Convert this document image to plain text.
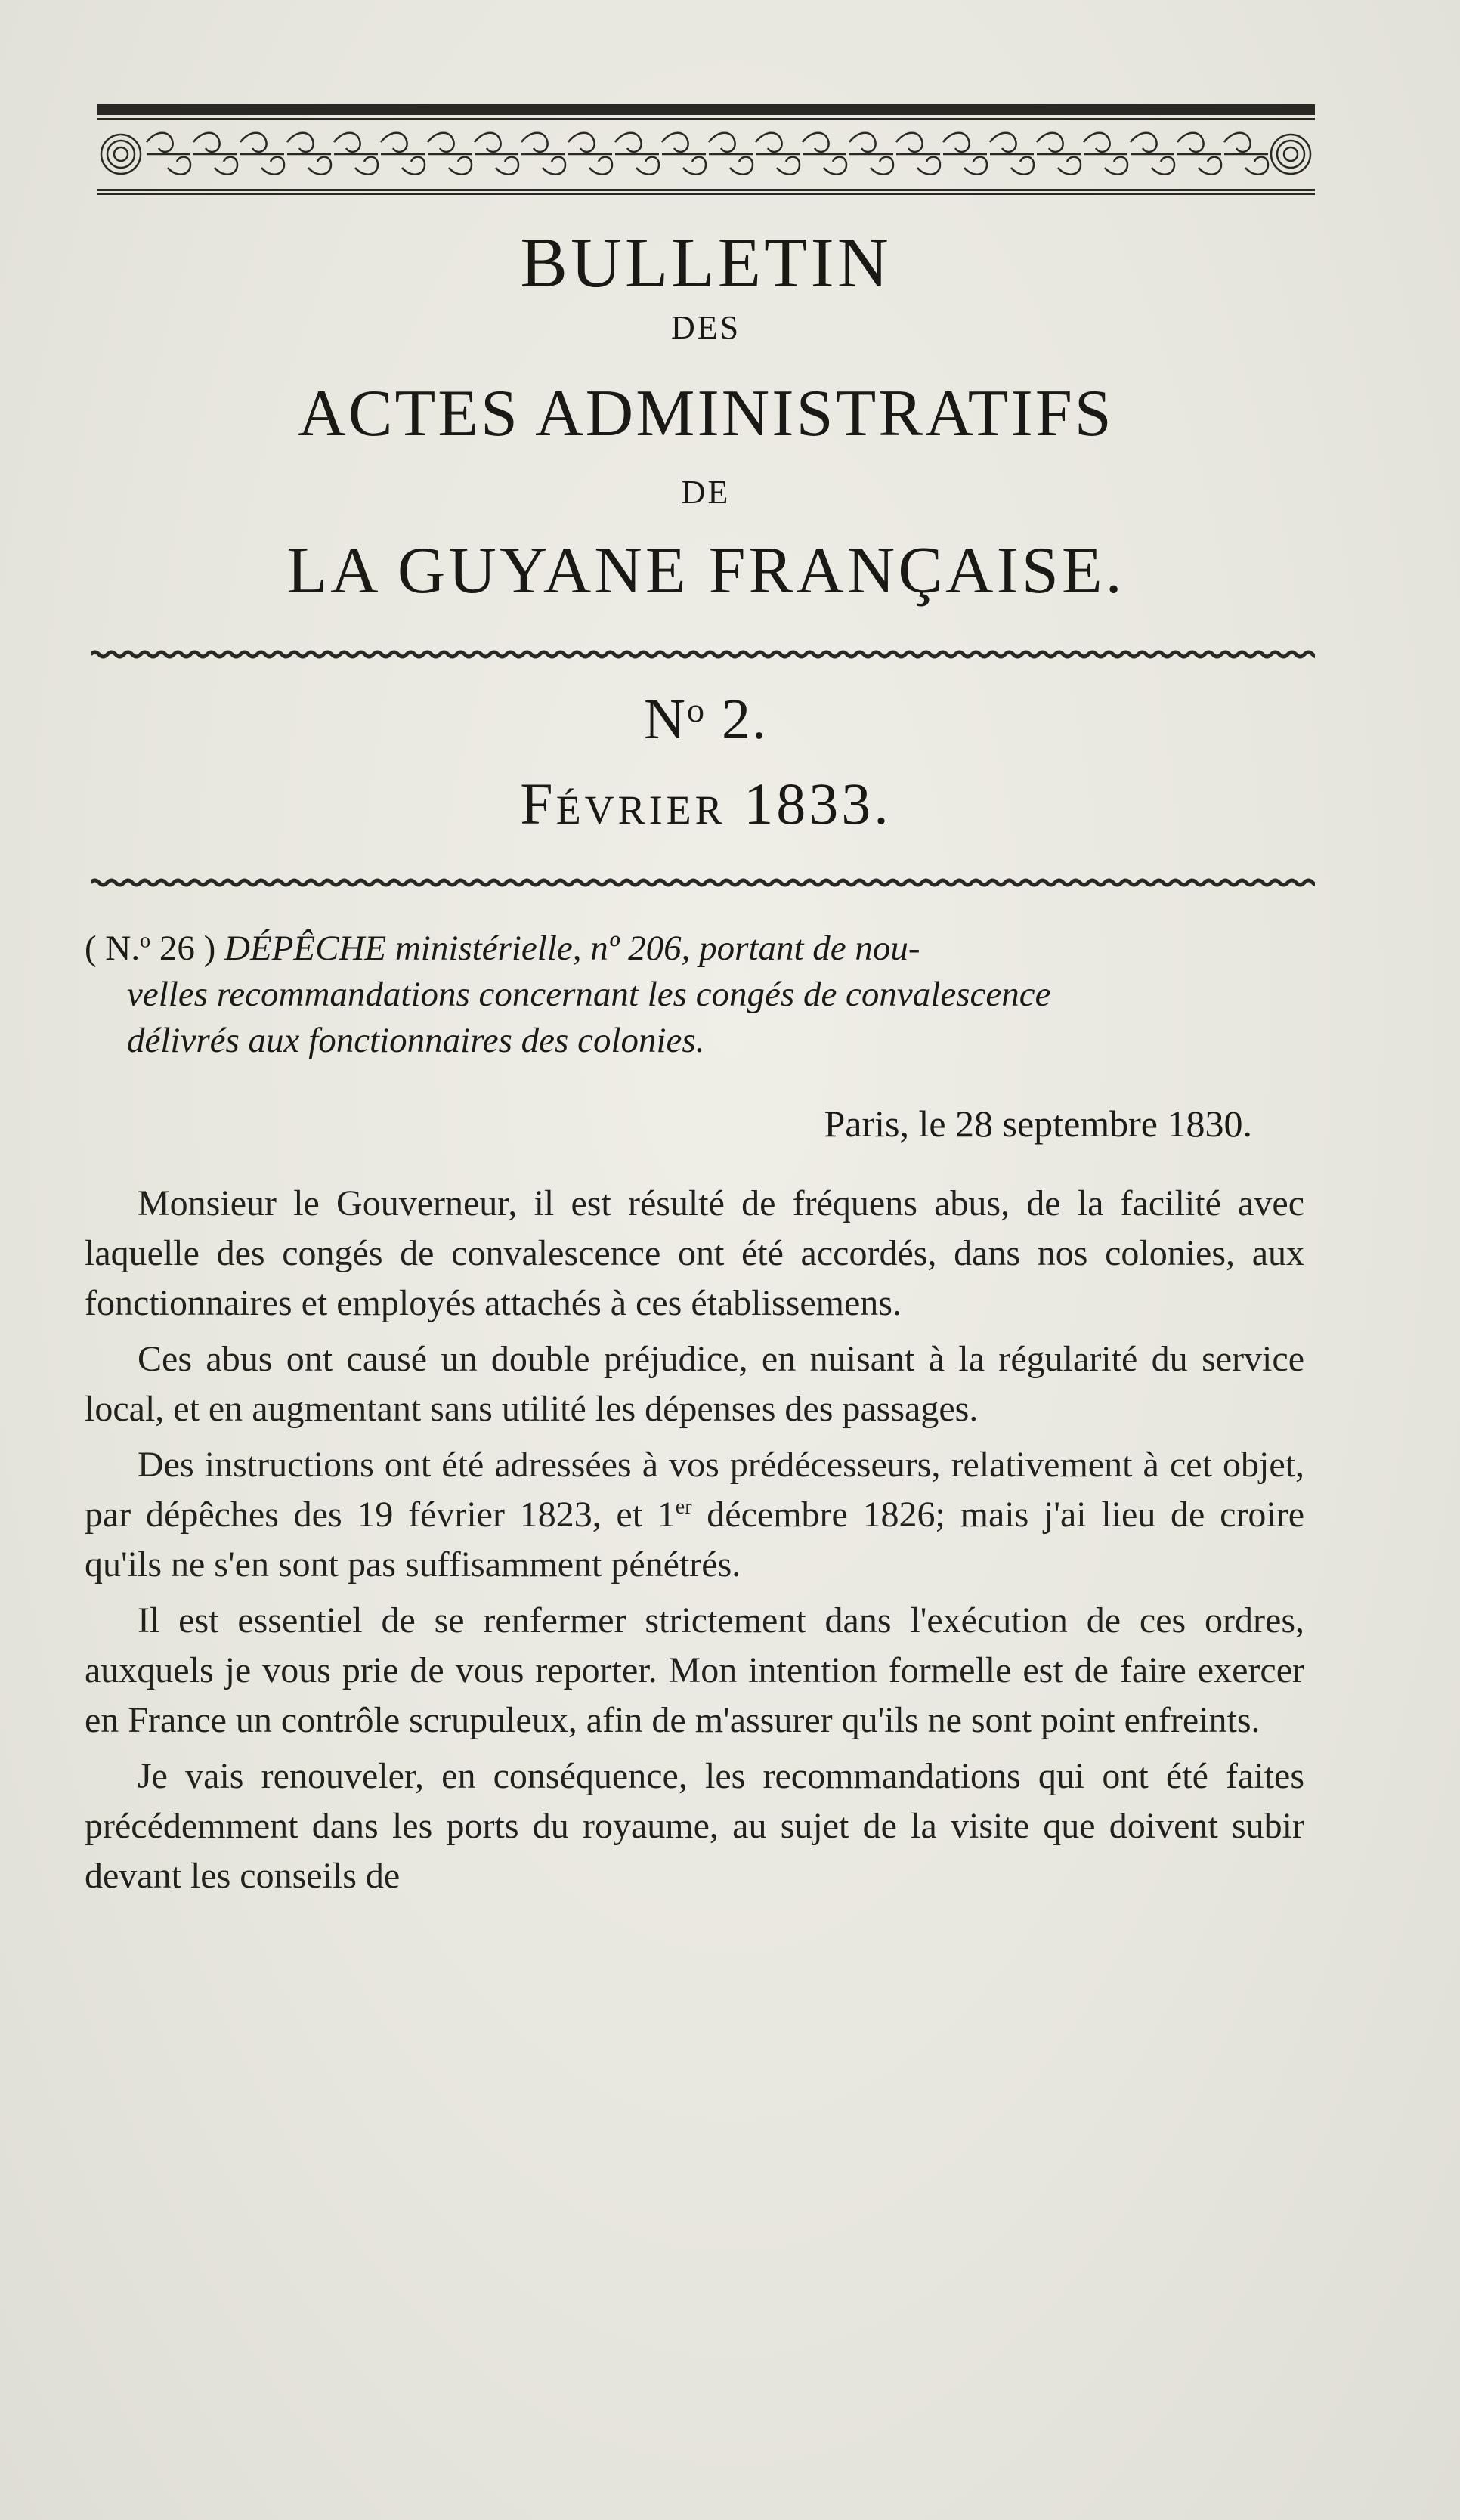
BULLETIN
DES
ACTES ADMINISTRATIFS
DE
LA GUYANE FRANÇAISE.
$N^o$ 2.
FÉVRIER 1833.
( N.$^o$ 26 ) DÉPÊCHE ministérielle, nº 206, portant de nou-
velles recommandations concernant les congés de convalescence
délivrés aux fonctionnaires des colonies.
Paris, le 28 septembre 1830.

Monsieur le Gouverneur, il est résulté de fréquens abus, de la facilité avec laquelle des congés de convalescence ont été accordés, dans nos colonies, aux fonctionnaires et employés attachés à ces établissemens.

Ces abus ont causé un double préjudice, en nuisant à la régularité du service local, et en augmentant sans utilité les dépenses des passages.

Des instructions ont été adressées à vos prédécesseurs, relativement à cet objet, par dépêches des 19 février 1823, et 1er décembre 1826; mais j'ai lieu de croire qu'ils ne s'en sont pas suffisamment pénétrés.

Il est essentiel de se renfermer strictement dans l'exécution de ces ordres, auxquels je vous prie de vous reporter. Mon intention formelle est de faire exercer en France un contrôle scrupuleux, afin de m'assurer qu'ils ne sont point enfreints.

Je vais renouveler, en conséquence, les recommandations qui ont été faites précédemment dans les ports du royaume, au sujet de la visite que doivent subir devant les conseils de
